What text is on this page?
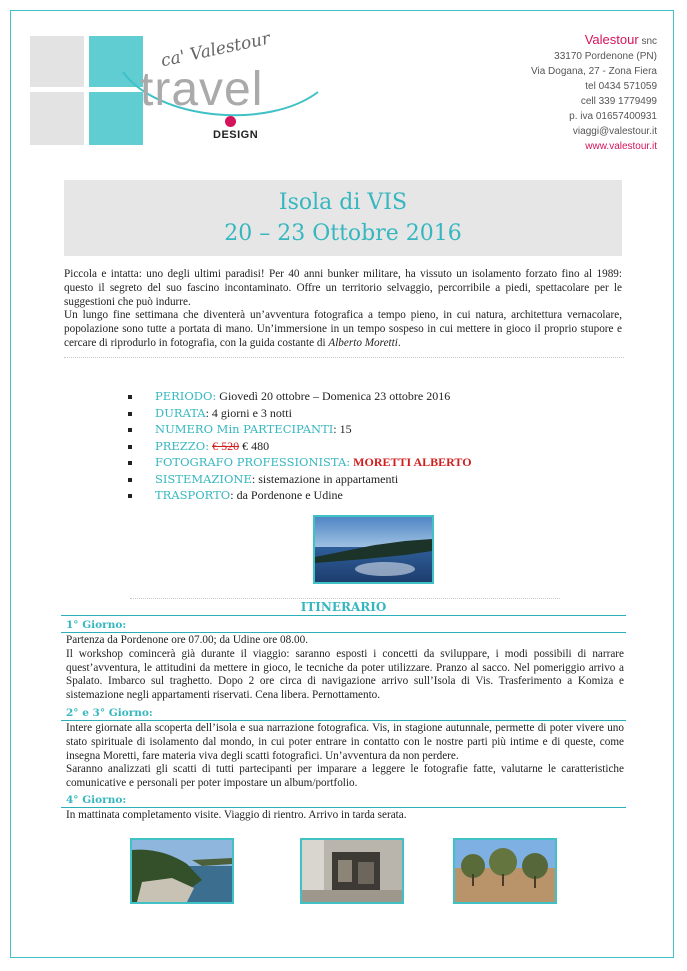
ca' Valestour
travel
DESIGN
Valestour snc
33170 Pordenone (PN)
Via Dogana, 27 - Zona Fiera
tel 0434 571059
cell 339 1779499
p. iva 01657400931
viaggi@valestour.it
www.valestour.it
Isola di VIS
20 – 23 Ottobre 2016

Piccola e intatta: uno degli ultimi paradisi! Per 40 anni bunker militare, ha vissuto un isolamento forzato fino al 1989: questo il segreto del suo fascino incontaminato. Offre un territorio selvaggio, percorribile a piedi, spettacolare per le suggestioni che può indurre.

Un lungo fine settimana che diventerà un’avventura fotografica a tempo pieno, in cui natura, architettura vernacolare, popolazione sono tutte a portata di mano. Un’immersione in un tempo sospeso in cui mettere in gioco il proprio stupore e cercare di riprodurlo in fotografia, con la guida costante di Alberto Moretti.

PERIODO: Giovedì 20 ottobre – Domenica 23 ottobre 2016
DURATA: 4 giorni e 3 notti
NUMERO Min PARTECIPANTI: 15
PREZZO: € 520 € 480
FOTOGRAFO PROFESSIONISTA: MORETTI ALBERTO
SISTEMAZIONE: sistemazione in appartamenti
TRASPORTO: da Pordenone e Udine
ITINERARIO
1° Giorno:

Partenza da Pordenone ore 07.00; da Udine ore 08.00.

Il workshop comincerà già durante il viaggio: saranno esposti i concetti da sviluppare, i modi possibili di narrare quest’avventura, le attitudini da mettere in gioco, le tecniche da poter utilizzare. Pranzo al sacco. Nel pomeriggio arrivo a Spalato. Imbarco sul traghetto. Dopo 2 ore circa di navigazione arrivo sull’Isola di Vis. Trasferimento a Komiza e sistemazione negli appartamenti riservati. Cena libera. Pernottamento.

2° e 3° Giorno:

Intere giornate alla scoperta dell’isola e sua narrazione fotografica. Vis, in stagione autunnale, permette di poter vivere uno stato spirituale di isolamento dal mondo, in cui poter entrare in contatto con le nostre parti più intime e di queste, come insegna Moretti, fare materia viva degli scatti fotografici. Un’avventura da non perdere.

Saranno analizzati gli scatti di tutti partecipanti per imparare a leggere le fotografie fatte, valutarne le caratteristiche comunicative e personali per poter impostare un album/portfolio.

4° Giorno:

In mattinata completamento visite. Viaggio di rientro. Arrivo in tarda serata.
